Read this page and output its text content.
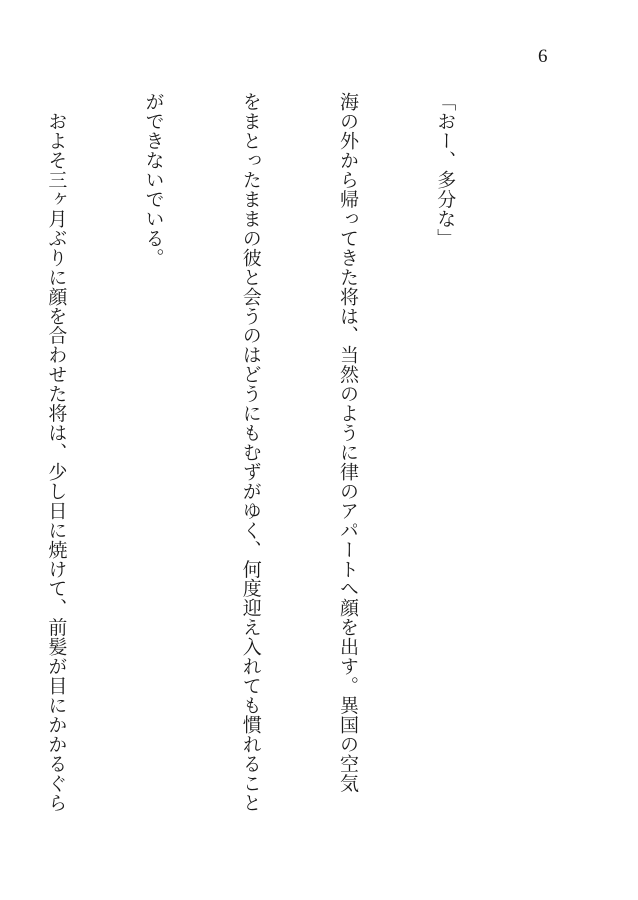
6

「おー、多分な」

海の外から帰ってきた将は、当然のように律のアパートへ顔を出す。異国の空気

をまとったままの彼と会うのはどうにもむずがゆく、何度迎え入れても慣れること

ができないでいる。

　およそ三ヶ月ぶりに顔を合わせた将は、少し日に焼けて、前髪が目にかかるぐら
